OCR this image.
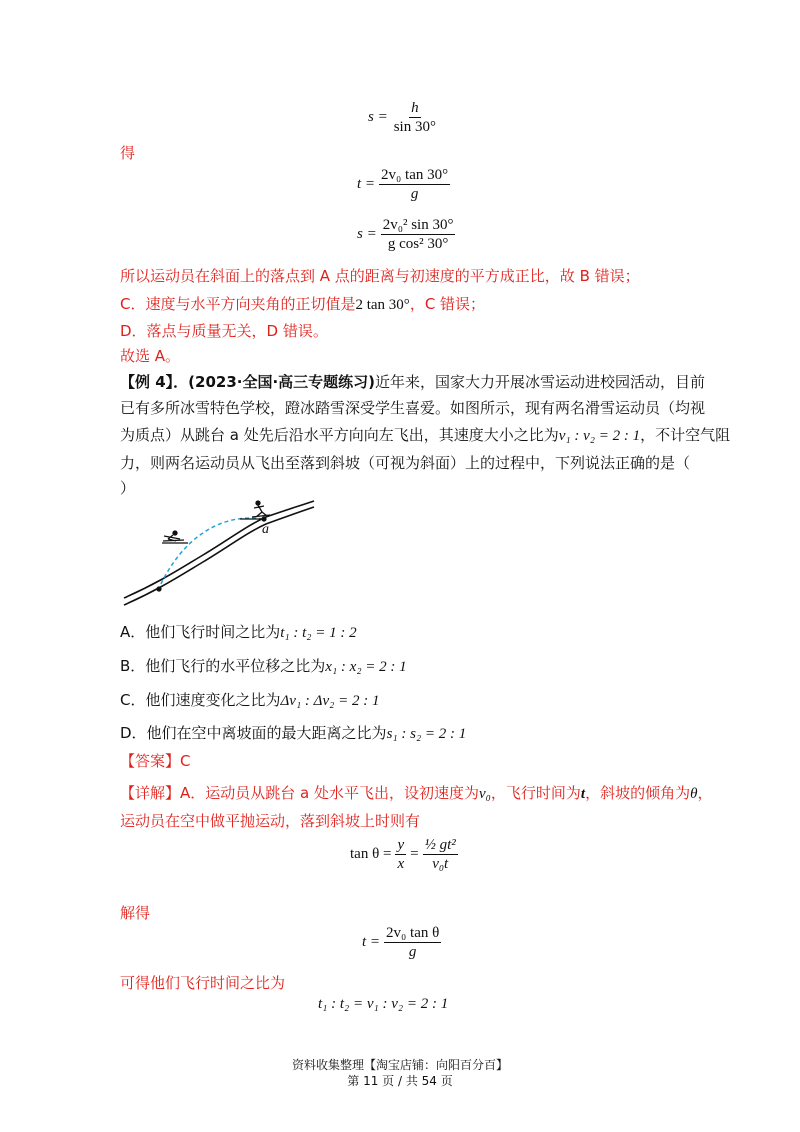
$s = \frac{h}{\sin 30^\circ}$
得
$t = \frac{\text{2v₀ tan 30°}}{g}$
$s = \frac{\text{2v₀² sin 30°}}{\text{g cos² 30°}}$
所以运动员在斜面上的落点到 A 点的距离与初速度的平方成正比，故 B 错误；
C．速度与水平方向夹角的正切值是2 tan 30°，C 错误；
D．落点与质量无关，D 错误。
故选 A。
【例 4】．(2023·全国·高三专题练习)近年来，国家大力开展冰雪运动进校园活动，目前
已有多所冰雪特色学校，蹬冰踏雪深受学生喜爱。如图所示，现有两名滑雪运动员（均视
为质点）从跳台 a 处先后沿水平方向向左飞出，其速度大小之比为v₁ : v₂ = 2 : 1，不计空气阻
力，则两名运动员从飞出至落到斜坡（可视为斜面）上的过程中，下列说法正确的是（
）
a
A．他们飞行时间之比为t₁ : t₂ = 1 : 2
B．他们飞行的水平位移之比为x₁ : x₂ = 2 : 1
C．他们速度变化之比为Δv₁ : Δv₂ = 2 : 1
D．他们在空中离坡面的最大距离之比为s₁ : s₂ = 2 : 1
【答案】C
【详解】A．运动员从跳台 a 处水平飞出，设初速度为v₀，飞行时间为t，斜坡的倾角为θ，
运动员在空中做平抛运动，落到斜坡上时则有
$\tan \theta = \frac{y}{x} = \frac{\text{½ gt²}}{\text{v₀t}}$
解得
$t = \frac{\text{2v₀ tan θ}}{g}$
可得他们飞行时间之比为
t₁ : t₂ = v₁ : v₂ = 2 : 1
资料收集整理【淘宝店铺：向阳百分百】
第 11 页 / 共 54 页
